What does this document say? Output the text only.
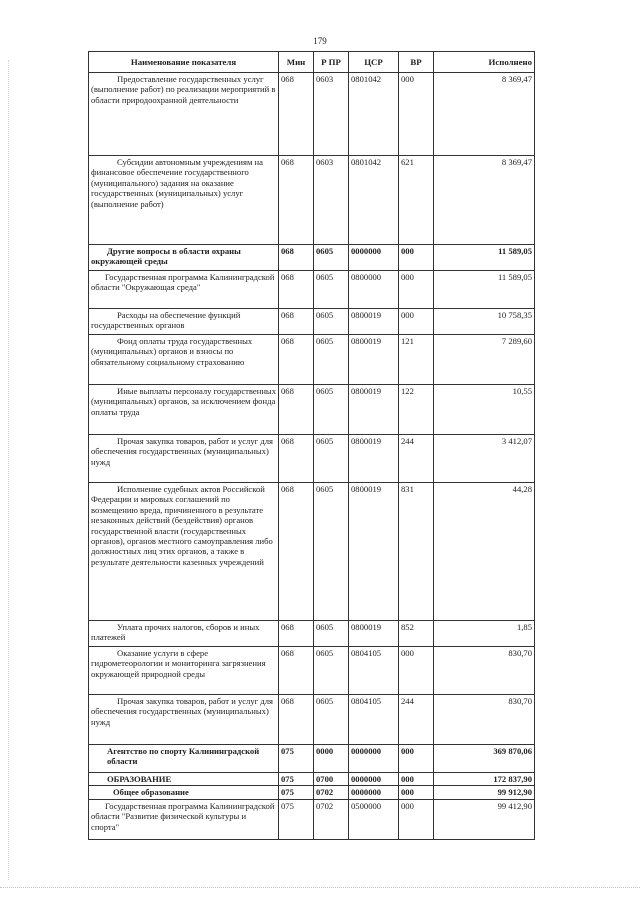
179
Наименование показателя	Мин	Р ПР	ЦСР	ВР	Исполнено
Предоставление государственных услуг (выполнение работ) по реализации мероприятий в области природоохранной деятельности	068	0603	0801042	000	8 369,47
Субсидии автономным учреждениям на финансовое обеспечение государственного (муниципального) задания на оказание государственных (муниципальных) услуг (выполнение работ)	068	0603	0801042	621	8 369,47
Другие вопросы в области охраны окружающей среды	068	0605	0000000	000	11 589,05
Государственная программа Калининградской области "Окружающая среда"	068	0605	0800000	000	11 589,05
Расходы на обеспечение функций государственных органов	068	0605	0800019	000	10 758,35
Фонд оплаты труда государственных (муниципальных) органов и взносы по обязательному социальному страхованию	068	0605	0800019	121	7 289,60
Иные выплаты персоналу государственных (муниципальных) органов, за исключением фонда оплаты труда	068	0605	0800019	122	10,55
Прочая закупка товаров, работ и услуг для обеспечения государственных (муниципальных) нужд	068	0605	0800019	244	3 412,07
Исполнение судебных актов Российской Федерации и мировых соглашений по возмещению вреда, причиненного в результате незаконных действий (бездействия) органов государственной власти (государственных органов), органов местного самоуправления либо должностных лиц этих органов, а также в результате деятельности казенных учреждений	068	0605	0800019	831	44,28
Уплата прочих налогов, сборов и иных платежей	068	0605	0800019	852	1,85
Оказание услуги в сфере гидрометеорологии и мониторинга загрязнения окружающей природной среды	068	0605	0804105	000	830,70
Прочая закупка товаров, работ и услуг для обеспечения государственных (муниципальных) нужд	068	0605	0804105	244	830,70
Агентство по спорту Калининградской области	075	0000	0000000	000	369 870,06
ОБРАЗОВАНИЕ	075	0700	0000000	000	172 837,90
Общее образование	075	0702	0000000	000	99 912,90
Государственная программа Калининградской области "Развитие физической культуры и спорта"	075	0702	0500000	000	99 412,90
